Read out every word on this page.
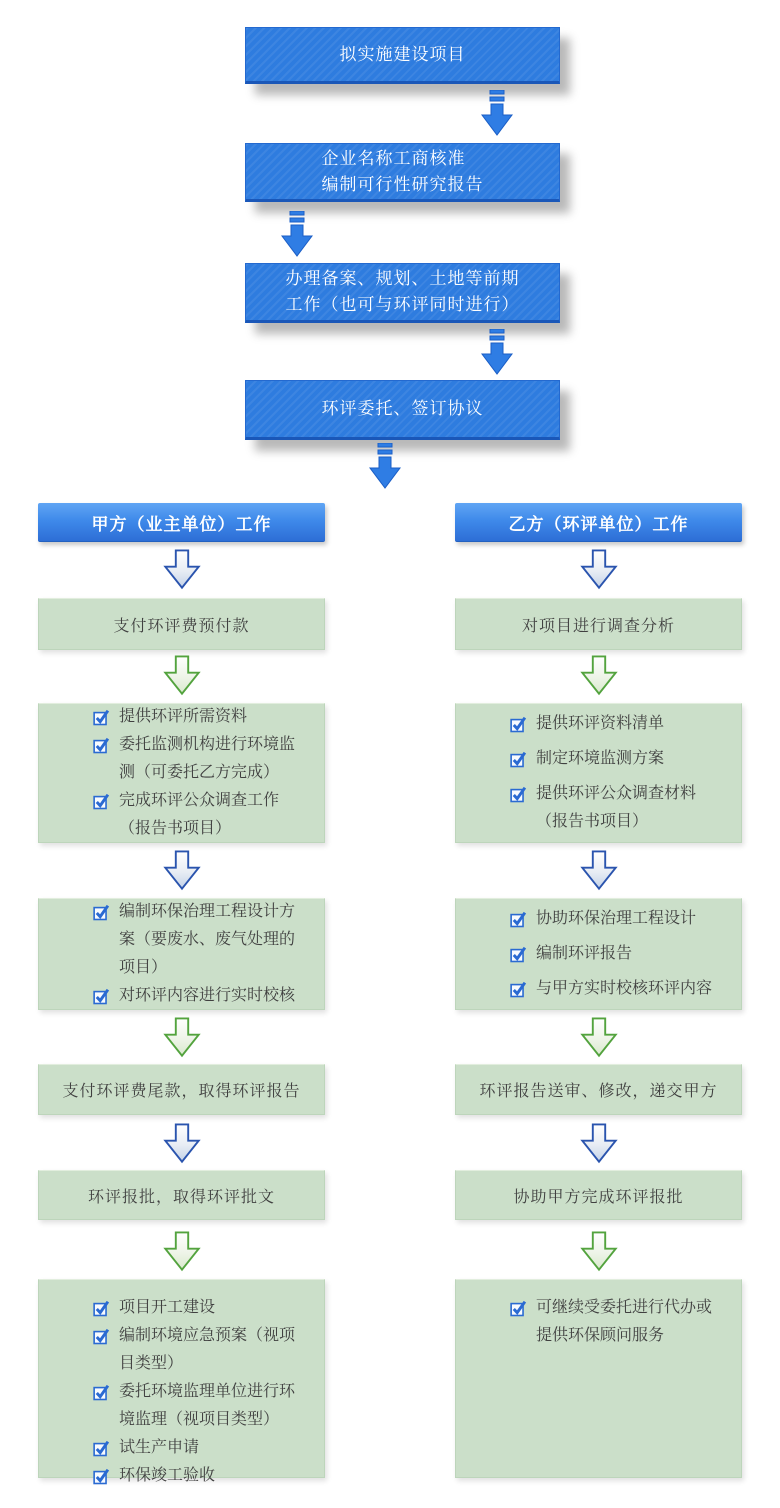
拟实施建设项目
企业名称工商核准
编制可行性研究报告
办理备案、规划、土地等前期
工作（也可与环评同时进行）
环评委托、签订协议
甲方（业主单位）工作
支付环评费预付款
提供环评所需资料
委托监测机构进行环境监测（可委托乙方完成）
完成环评公众调查工作 （报告书项目）
编制环保治理工程设计方案（要废水、废气处理的项目）
对环评内容进行实时校核
支付环评费尾款，取得环评报告
环评报批，取得环评批文
项目开工建设
编制环境应急预案（视项目类型）
委托环境监理单位进行环境监理（视项目类型）
试生产申请
环保竣工验收
乙方（环评单位）工作
对项目进行调查分析
提供环评资料清单
制定环境监测方案
提供环评公众调查材料（报告书项目）
协助环保治理工程设计
编制环评报告
与甲方实时校核环评内容
环评报告送审、修改，递交甲方
协助甲方完成环评报批
可继续受委托进行代办或提供环保顾问服务
